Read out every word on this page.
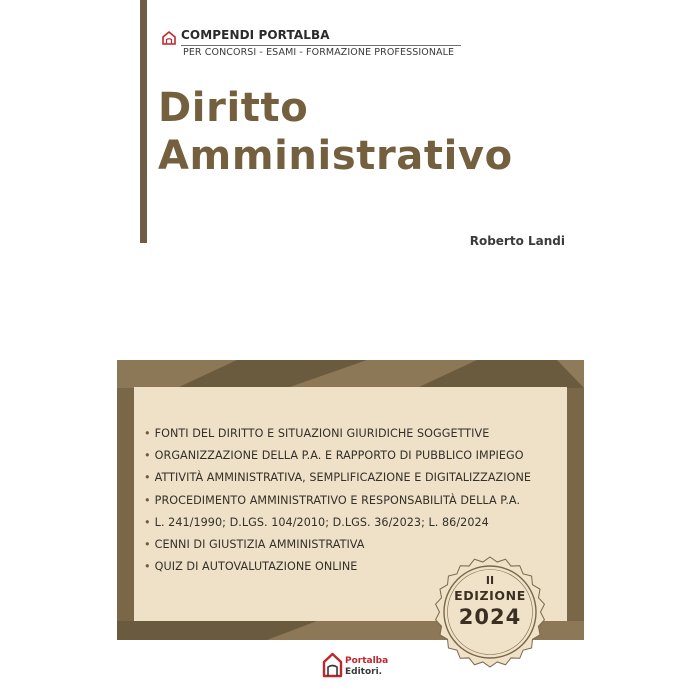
COMPENDI PORTALBA
PER CONCORSI - ESAMI - FORMAZIONE PROFESSIONALE
Diritto
Amministrativo
Roberto Landi
• FONTI DEL DIRITTO E SITUAZIONI GIURIDICHE SOGGETTIVE
• ORGANIZZAZIONE DELLA P.A. E RAPPORTO DI PUBBLICO IMPIEGO
• ATTIVITÀ AMMINISTRATIVA, SEMPLIFICAZIONE E DIGITALIZZAZIONE
• PROCEDIMENTO AMMINISTRATIVO E RESPONSABILITÀ DELLA P.A.
• L. 241/1990; D.LGS. 104/2010; D.LGS. 36/2023; L. 86/2024
• CENNI DI GIUSTIZIA AMMINISTRATIVA
• QUIZ DI AUTOVALUTAZIONE ONLINE
II
EDIZIONE
2024
Portalba
Editori.
